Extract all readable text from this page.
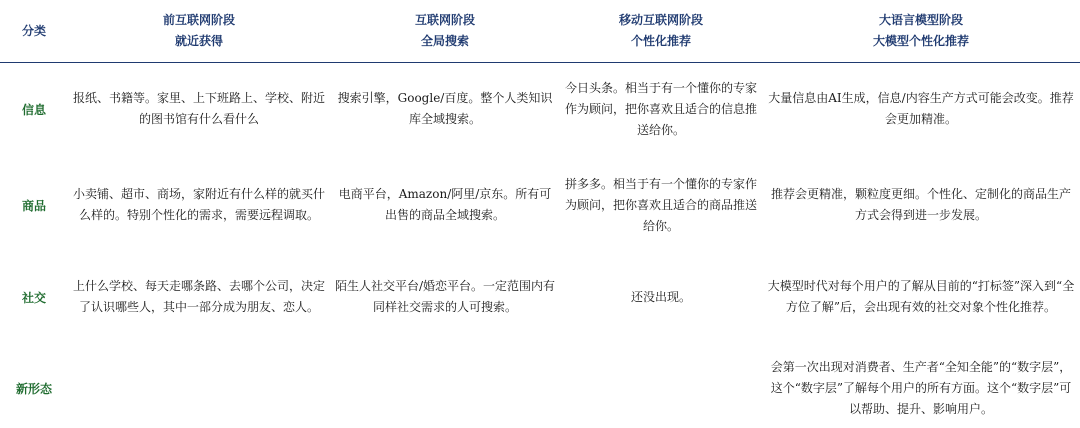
分类
前互联网阶段
就近获得
互联网阶段
全局搜索
移动互联网阶段
个性化推荐
大语言模型阶段
大模型个性化推荐
信息
报纸、书籍等。家里、上下班路上、学校、附近的图书馆有什么看什么
搜索引擎，Google/百度。整个人类知识库全域搜索。
今日头条。相当于有一个懂你的专家作为顾问，把你喜欢且适合的信息推送给你。
大量信息由AI生成，信息/内容生产方式可能会改变。推荐会更加精准。
商品
小卖铺、超市、商场，家附近有什么样的就买什么样的。特别个性化的需求，需要远程调取。
电商平台，Amazon/阿里/京东。所有可出售的商品全域搜索。
拼多多。相当于有一个懂你的专家作为顾问，把你喜欢且适合的商品推送给你。
推荐会更精准，颗粒度更细。个性化、定制化的商品生产方式会得到进一步发展。
社交
上什么学校、每天走哪条路、去哪个公司，决定了认识哪些人，其中一部分成为朋友、恋人。
陌生人社交平台/婚恋平台。一定范围内有同样社交需求的人可搜索。
还没出现。
大模型时代对每个用户的了解从目前的“打标签”深入到“全方位了解”后，会出现有效的社交对象个性化推荐。
新形态
会第一次出现对消费者、生产者“全知全能”的“数字层”，这个“数字层”了解每个用户的所有方面。这个“数字层”可以帮助、提升、影响用户。
